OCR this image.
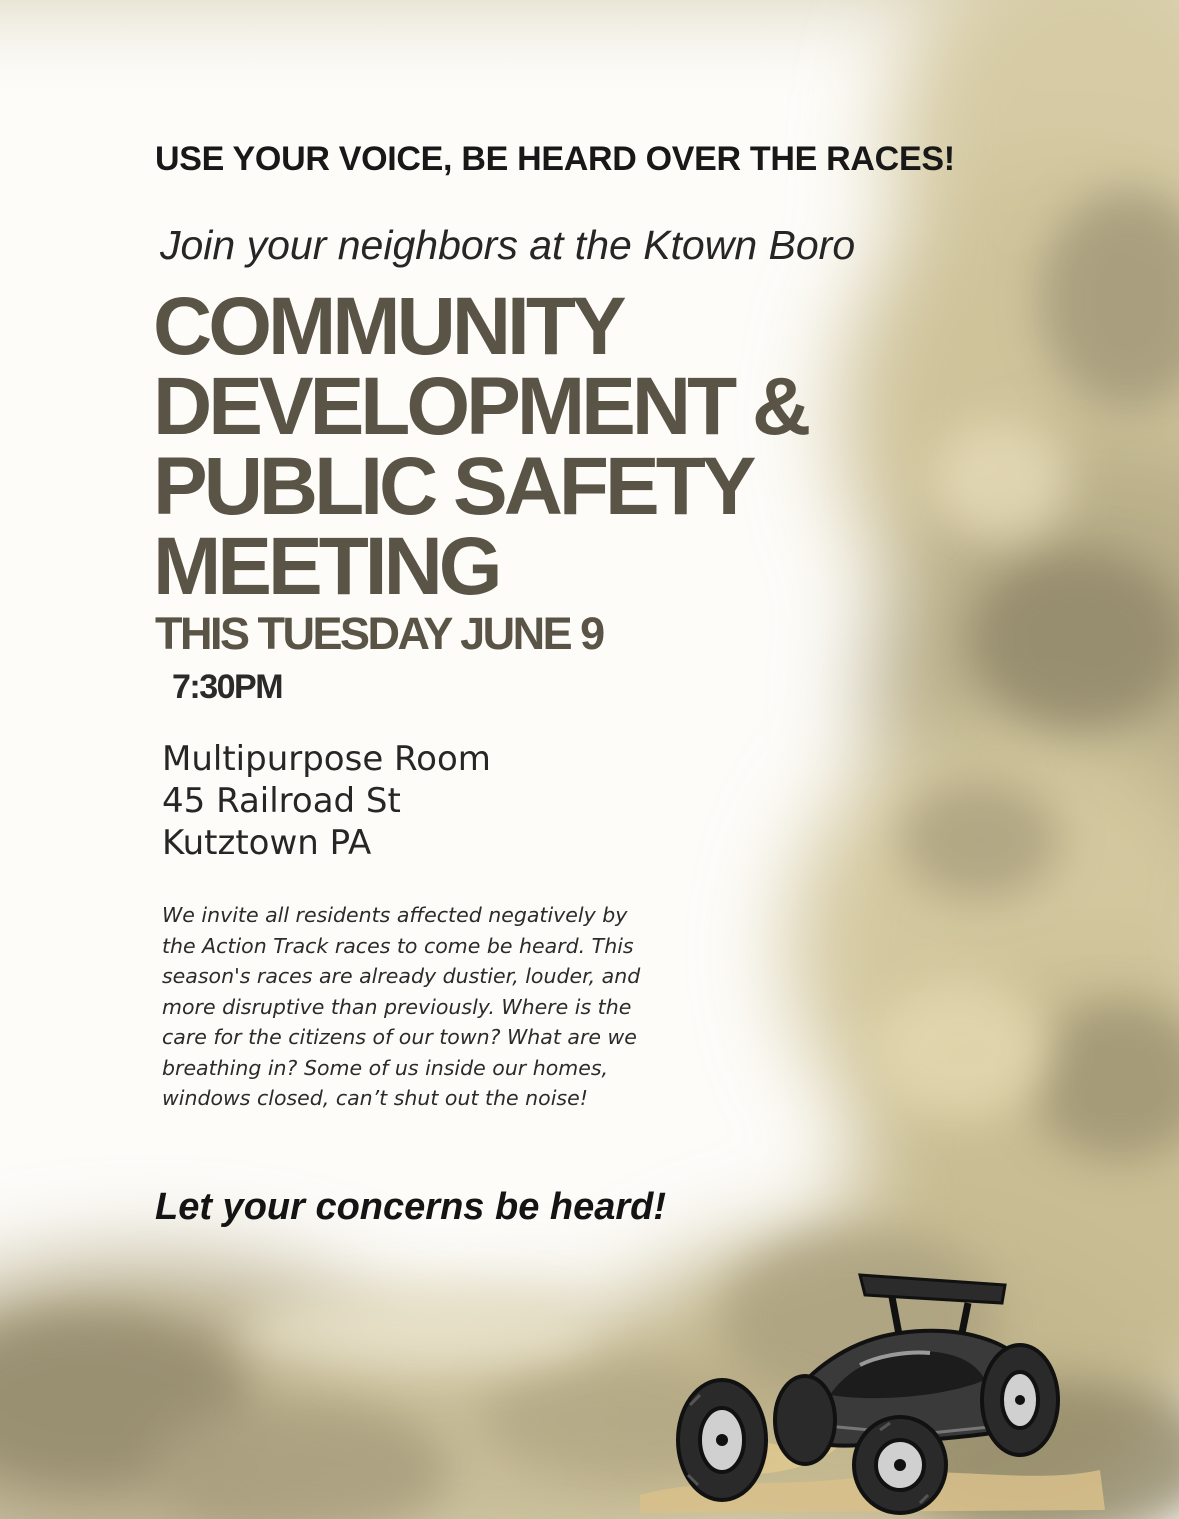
USE YOUR VOICE, BE HEARD OVER THE RACES!

Join your neighbors at the Ktown Boro

COMMUNITY
DEVELOPMENT &
PUBLIC SAFETY
MEETING

THIS TUESDAY JUNE 9

7:30PM

Multipurpose Room
45 Railroad St
Kutztown PA
We invite all residents affected negatively by
the Action Track races to come be heard. This
season's races are already dustier, louder, and
more disruptive than previously. Where is the
care for the citizens of our town? What are we
breathing in? Some of us inside our homes,
windows closed, can’t shut out the noise!

Let your concerns be heard!
